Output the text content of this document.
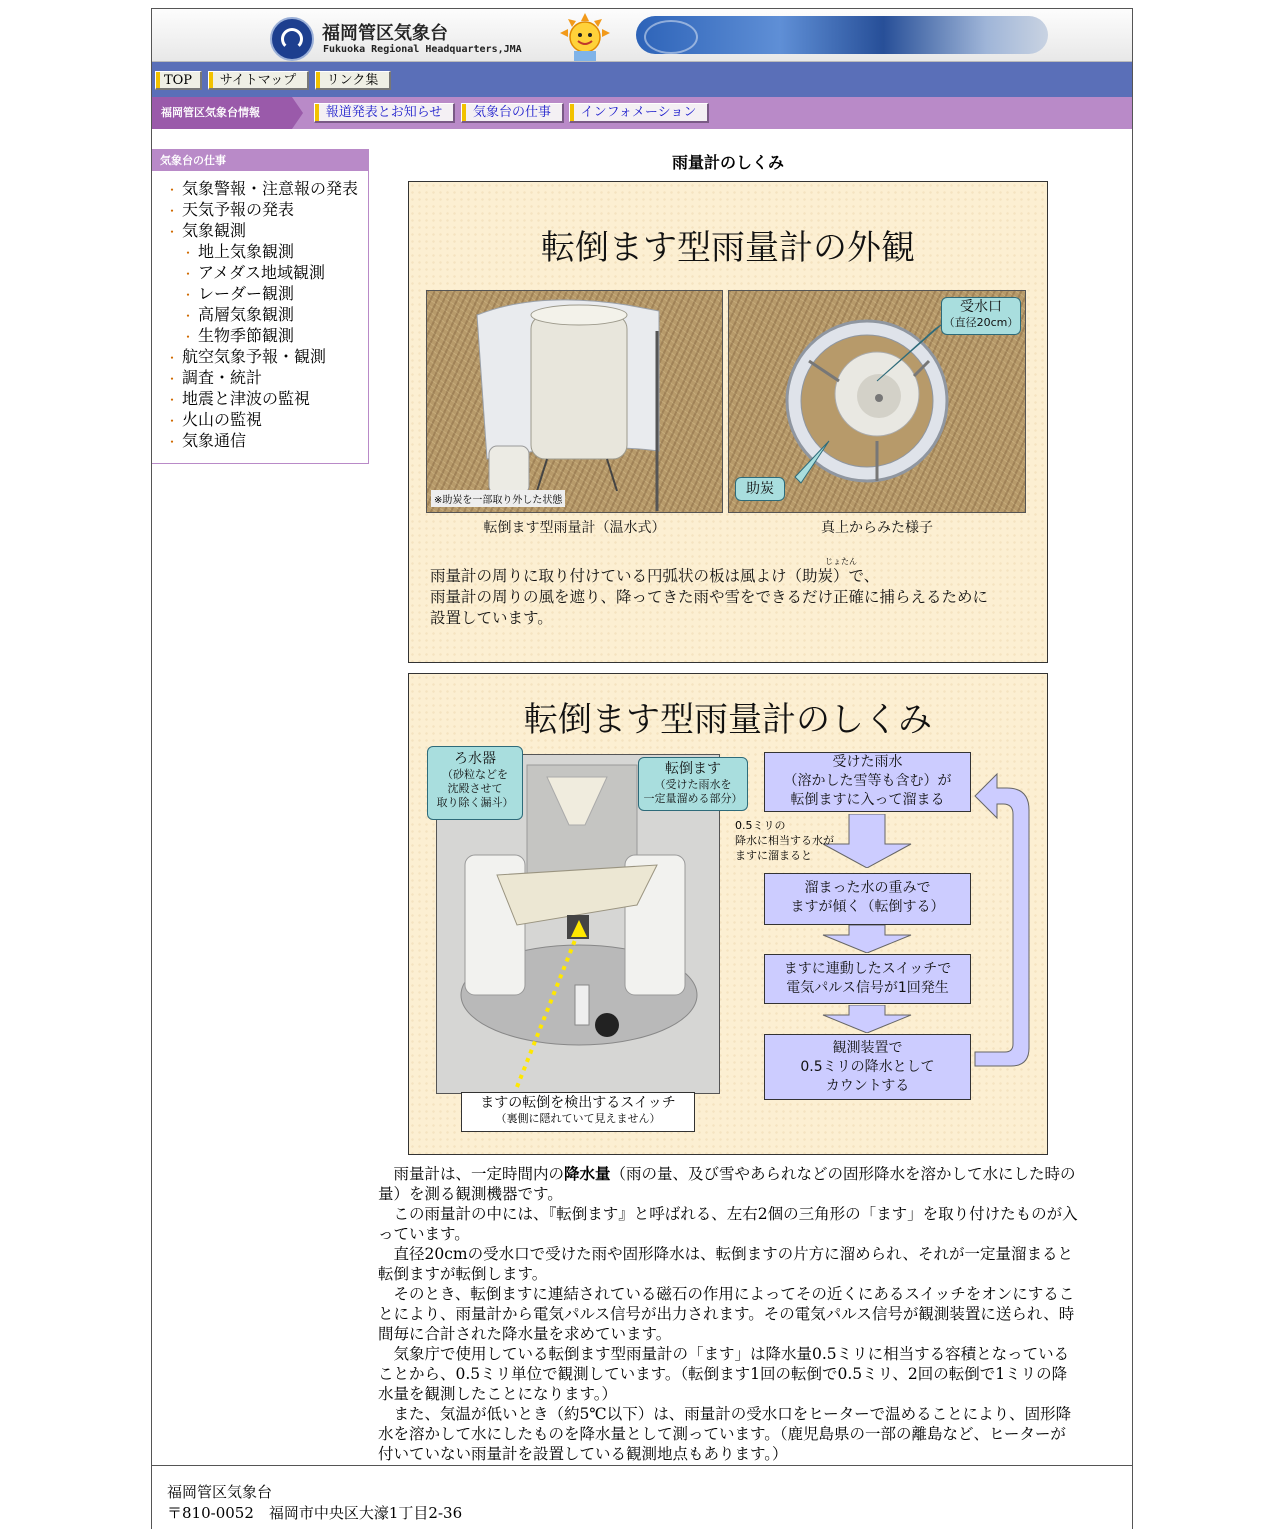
福岡管区気象台
Fukuoka Regional Headquarters,JMA
TOP	サイトマップ	リンク集
福岡管区気象台情報	報道発表とお知らせ	気象台の仕事	インフォメーション
気象台の仕事
・ 気象警報・注意報の発表
・ 天気予報の発表
・ 気象観測
・ 地上気象観測
・ アメダス地域観測
・ レーダー観測
・ 高層気象観測
・ 生物季節観測
・ 航空気象予報・観測
・ 調査・統計
・ 地震と津波の監視
・ 火山の監視
・ 気象通信
雨量計のしくみ
転倒ます型雨量計の外観
※助炭を一部取り外した状態
転倒ます型雨量計（温水式）
受水口
（直径20cm）
助炭
真上からみた様子
じょたん
雨量計の周りに取り付けている円弧状の板は風よけ（助炭）で、
雨量計の周りの風を遮り、降ってきた雨や雪をできるだけ正確に捕らえるために
設置しています。
転倒ます型雨量計のしくみ
ろ水器
（砂粒などを
沈殿させて
取り除く漏斗）
転倒ます
（受けた雨水を
一定量溜める部分）
ますの転倒を検出するスイッチ
（裏側に隠れていて見えません）
受けた雨水
（溶かした雪等も含む）が
転倒ますに入って溜まる
0.5ミリの
降水に相当する水が
ますに溜まると
溜まった水の重みで
ますが傾く（転倒する）
ますに連動したスイッチで
電気パルス信号が1回発生
観測装置で
0.5ミリの降水として
カウントする

雨量計は、一定時間内の降水量（雨の量、及び雪やあられなどの固形降水を溶かして水にした時の量）を測る観測機器です。

この雨量計の中には、『転倒ます』と呼ばれる、左右2個の三角形の「ます」を取り付けたものが入っています。

直径20cmの受水口で受けた雨や固形降水は、転倒ますの片方に溜められ、それが一定量溜まると転倒ますが転倒します。

そのとき、転倒ますに連結されている磁石の作用によってその近くにあるスイッチをオンにすることにより、雨量計から電気パルス信号が出力されます。その電気パルス信号が観測装置に送られ、時間毎に合計された降水量を求めています。

気象庁で使用している転倒ます型雨量計の「ます」は降水量0.5ミリに相当する容積となっていることから、0.5ミリ単位で観測しています。（転倒ます1回の転倒で0.5ミリ、2回の転倒で1ミリの降水量を観測したことになります。）

また、気温が低いとき（約5℃以下）は、雨量計の受水口をヒーターで温めることにより、固形降水を溶かして水にしたものを降水量として測っています。（鹿児島県の一部の離島など、ヒーターが付いていない雨量計を設置している観測地点もあります。）

福岡管区気象台
〒810-0052　福岡市中央区大濠1丁目2-36
